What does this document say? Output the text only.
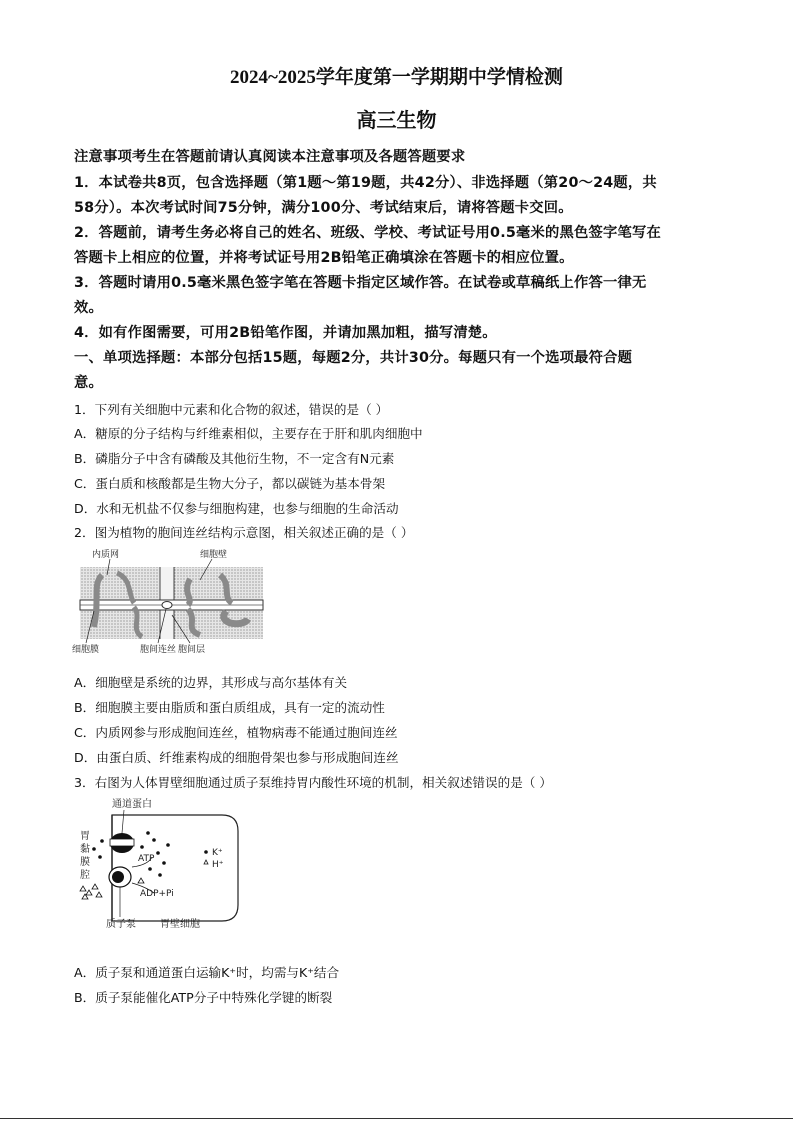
2024~2025学年度第一学期期中学情检测
高三生物
注意事项考生在答题前请认真阅读本注意事项及各题答题要求
1．本试卷共8页，包含选择题（第1题～第19题，共42分）、非选择题（第20～24题，共
58分）。本次考试时间75分钟，满分100分、考试结束后，请将答题卡交回。
2．答题前，请考生务必将自己的姓名、班级、学校、考试证号用0.5毫米的黑色签字笔写在
答题卡上相应的位置，并将考试证号用2B铅笔正确填涂在答题卡的相应位置。
3．答题时请用0.5毫米黑色签字笔在答题卡指定区域作答。在试卷或草稿纸上作答一律无
效。
4．如有作图需要，可用2B铅笔作图，并请加黑加粗，描写清楚。
一、单项选择题：本部分包括15题，每题2分，共计30分。每题只有一个选项最符合题
意。
1．下列有关细胞中元素和化合物的叙述，错误的是（ ）
A．糖原的分子结构与纤维素相似，主要存在于肝和肌肉细胞中
B．磷脂分子中含有磷酸及其他衍生物，不一定含有N元素
C．蛋白质和核酸都是生物大分子，都以碳链为基本骨架
D．水和无机盐不仅参与细胞构建，也参与细胞的生命活动
2．图为植物的胞间连丝结构示意图，相关叙述正确的是（ ）
内质网	细胞壁
细胞膜	胞间连丝 胞间层
A．细胞壁是系统的边界，其形成与高尔基体有关
B．细胞膜主要由脂质和蛋白质组成，具有一定的流动性
C．内质网参与形成胞间连丝，植物病毒不能通过胞间连丝
D．由蛋白质、纤维素构成的细胞骨架也参与形成胞间连丝
3．右图为人体胃壁细胞通过质子泵维持胃内酸性环境的机制，相关叙述错误的是（ ）
K⁺
H⁺
通道蛋白
胃
黏
膜
腔
ATP
ADP+Pi
质子泵 胃壁细胞
A．质子泵和通道蛋白运输K⁺时，均需与K⁺结合
B．质子泵能催化ATP分子中特殊化学键的断裂
